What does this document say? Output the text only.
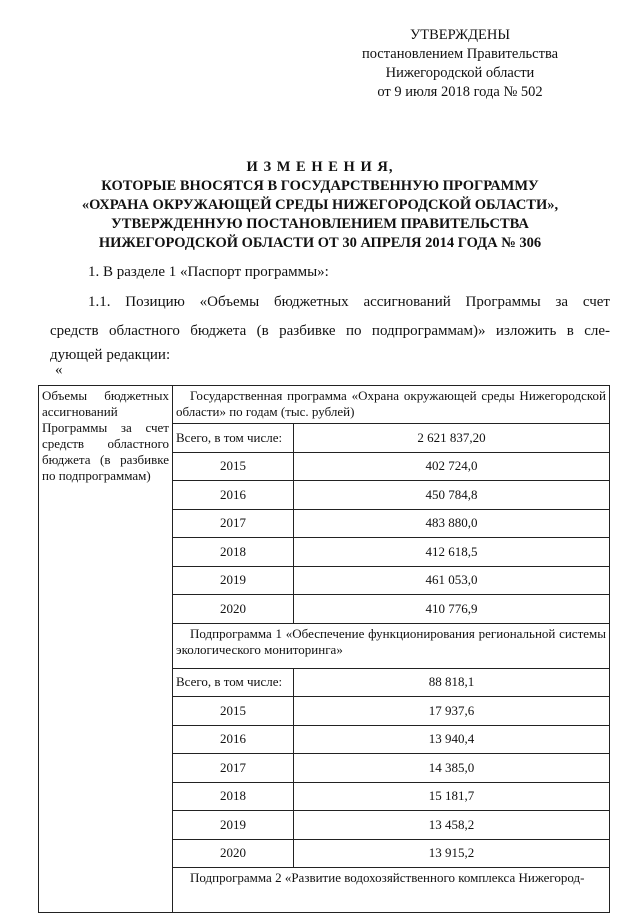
УТВЕРЖДЕНЫ
постановлением Правительства
Нижегородской области
от 9 июля 2018 года № 502
И З М Е Н Е Н И Я,
КОТОРЫЕ ВНОСЯТСЯ В ГОСУДАРСТВЕННУЮ ПРОГРАММУ
«ОХРАНА ОКРУЖАЮЩЕЙ СРЕДЫ НИЖЕГОРОДСКОЙ ОБЛАСТИ»,
УТВЕРЖДЕННУЮ ПОСТАНОВЛЕНИЕМ ПРАВИТЕЛЬСТВА
НИЖЕГОРОДСКОЙ ОБЛАСТИ ОТ 30 АПРЕЛЯ 2014 ГОДА № 306
1. В разделе 1 «Паспорт программы»:
1.1. Позицию «Объемы бюджетных ассигнований Программы за счет
средств областного бюджета (в разбивке по подпрограммам)» изложить в сле-
дующей редакции:
«
Объемы бюджетных ассигнований Программы за счет средств областного бюджета (в разбивке по подпрограммам)	Государственная программа «Охрана окружающей среды Нижегородской области» по годам (тыс. рублей)	
	Всего, в том числе:	2 621 837,20
	2015	402 724,0
	2016	450 784,8
	2017	483 880,0
	2018	412 618,5
	2019	461 053,0
	2020	410 776,9
	Подпрограмма 1 «Обеспечение функционирования региональной системы экологического мониторинга»	
	Всего, в том числе:	88 818,1
	2015	17 937,6
	2016	13 940,4
	2017	14 385,0
	2018	15 181,7
	2019	13 458,2
	2020	13 915,2
	Подпрограмма 2 «Развитие водохозяйственного комплекса Нижегород-	
